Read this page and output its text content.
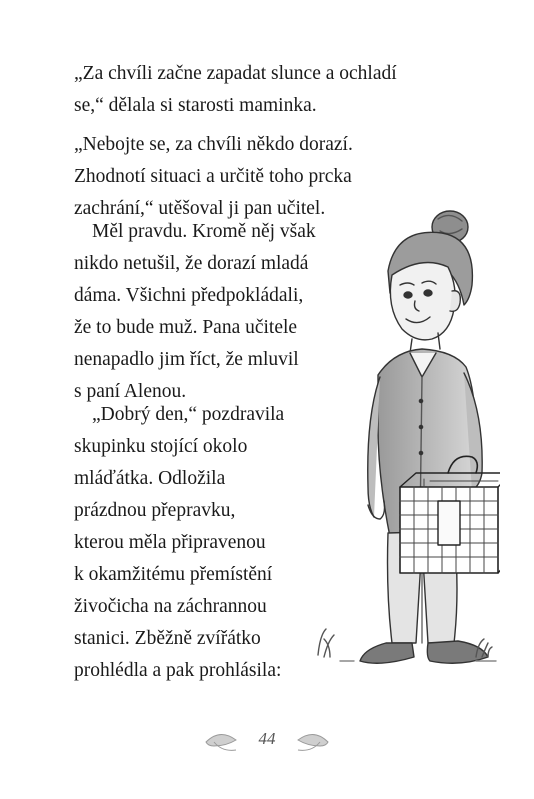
„Za chvíli začne zapadat slunce a ochladí
se,“ dělala si starosti maminka.
„Nebojte se, za chvíli někdo dorazí.
Zhodnotí situaci a určitě toho prcka
zachrání,“ utěšoval ji pan učitel.
Měl pravdu. Kromě něj však
nikdo netušil, že dorazí mladá
dáma. Všichni předpokládali,
že to bude muž. Pana učitele
nenapadlo jim říct, že mluvil
s paní Alenou.
„Dobrý den,“ pozdravila
skupinku stojící okolo
mláďátka. Odložila
prázdnou přepravku,
kterou měla připravenou
k okamžitému přemístění
živočicha na záchrannou
stanici. Zběžně zvířátko
prohlédla a pak prohlásila:
44
